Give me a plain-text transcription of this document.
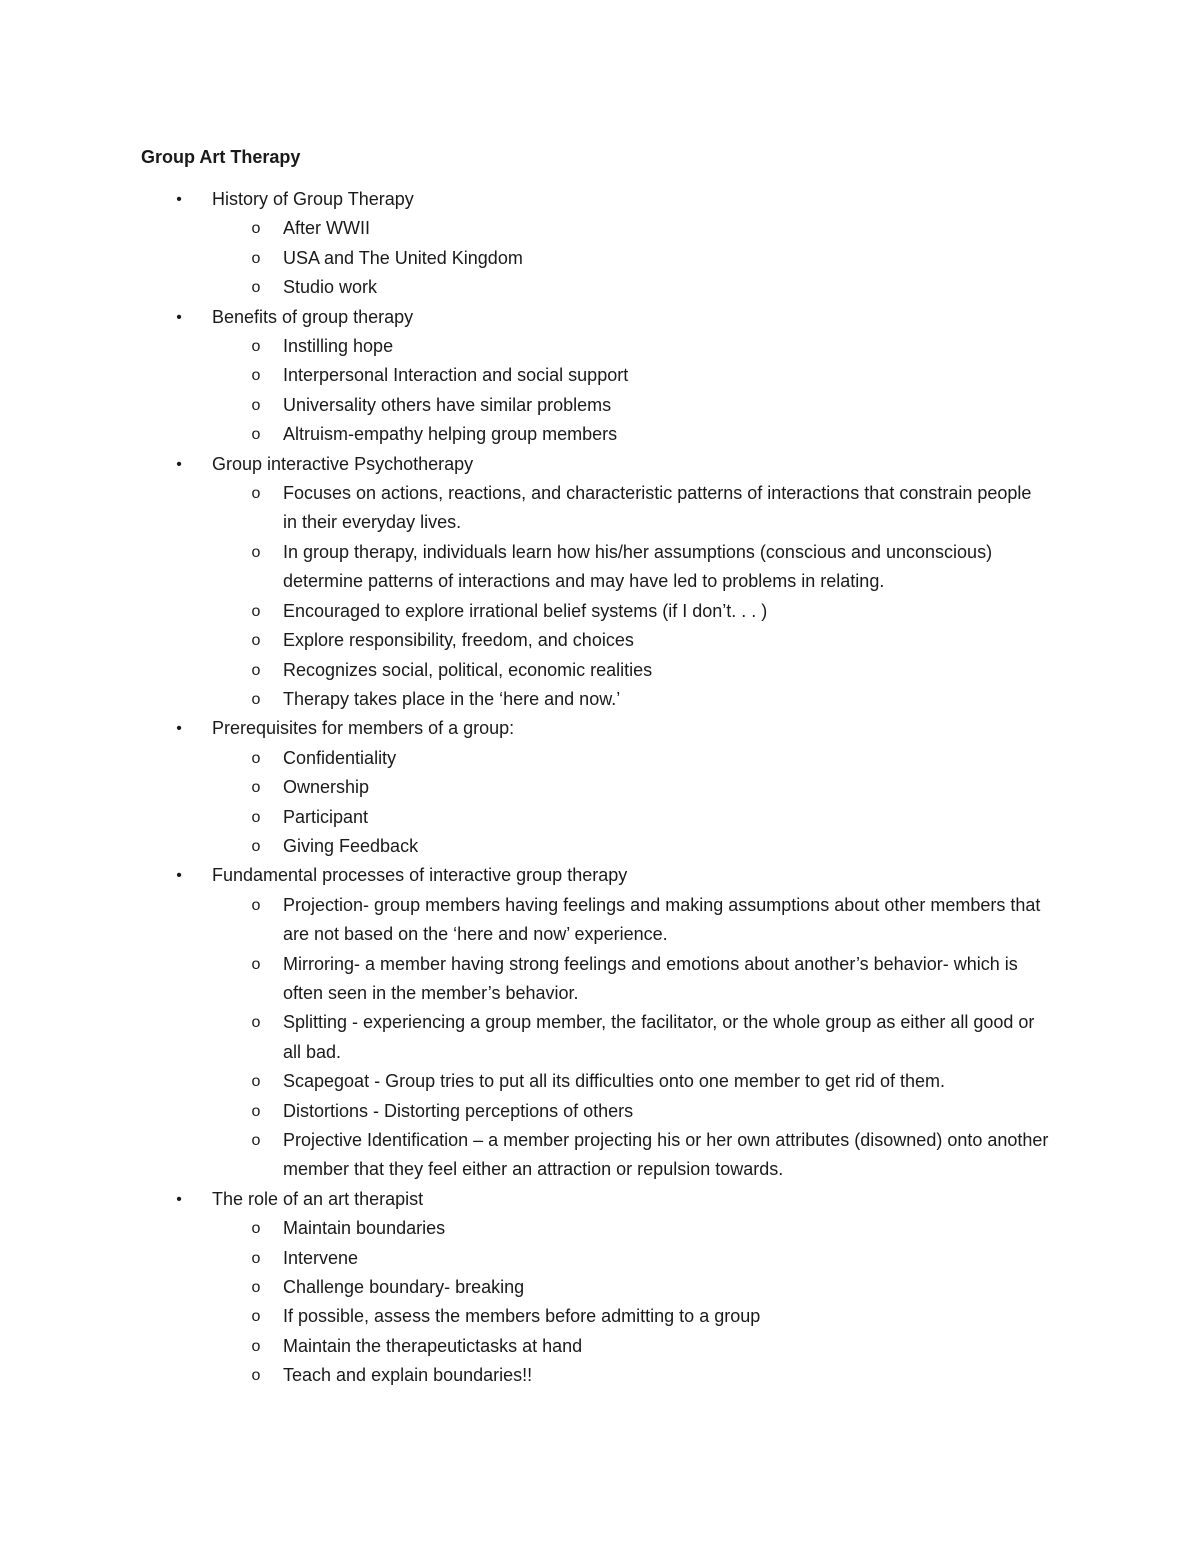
Group Art Therapy
• History of Group Therapy
o After WWII
o USA and The United Kingdom
o Studio work
• Benefits of group therapy
o Instilling hope
o Interpersonal Interaction and social support
o Universality others have similar problems
o Altruism-empathy helping group members
• Group interactive Psychotherapy
o Focuses on actions, reactions, and characteristic patterns of interactions that constrain people in their everyday lives.
o In group therapy, individuals learn how his/her assumptions (conscious and unconscious) determine patterns of interactions and may have led to problems in relating.
o Encouraged to explore irrational belief systems (if I don’t. . . )
o Explore responsibility, freedom, and choices
o Recognizes social, political, economic realities
o Therapy takes place in the ‘here and now.’
• Prerequisites for members of a group:
o Confidentiality
o Ownership
o Participant
o Giving Feedback
• Fundamental processes of interactive group therapy
o Projection- group members having feelings and making assumptions about other members that are not based on the ‘here and now’ experience.
o Mirroring- a member having strong feelings and emotions about another’s behavior- which is often seen in the member’s behavior.
o Splitting - experiencing a group member, the facilitator, or the whole group as either all good or all bad.
o Scapegoat - Group tries to put all its difficulties onto one member to get rid of them.
o Distortions - Distorting perceptions of others
o Projective Identification – a member projecting his or her own attributes (disowned) onto another member that they feel either an attraction or repulsion towards.
• The role of an art therapist
o Maintain boundaries
o Intervene
o Challenge boundary- breaking
o If possible, assess the members before admitting to a group
o Maintain the therapeutictasks at hand
o Teach and explain boundaries!!
